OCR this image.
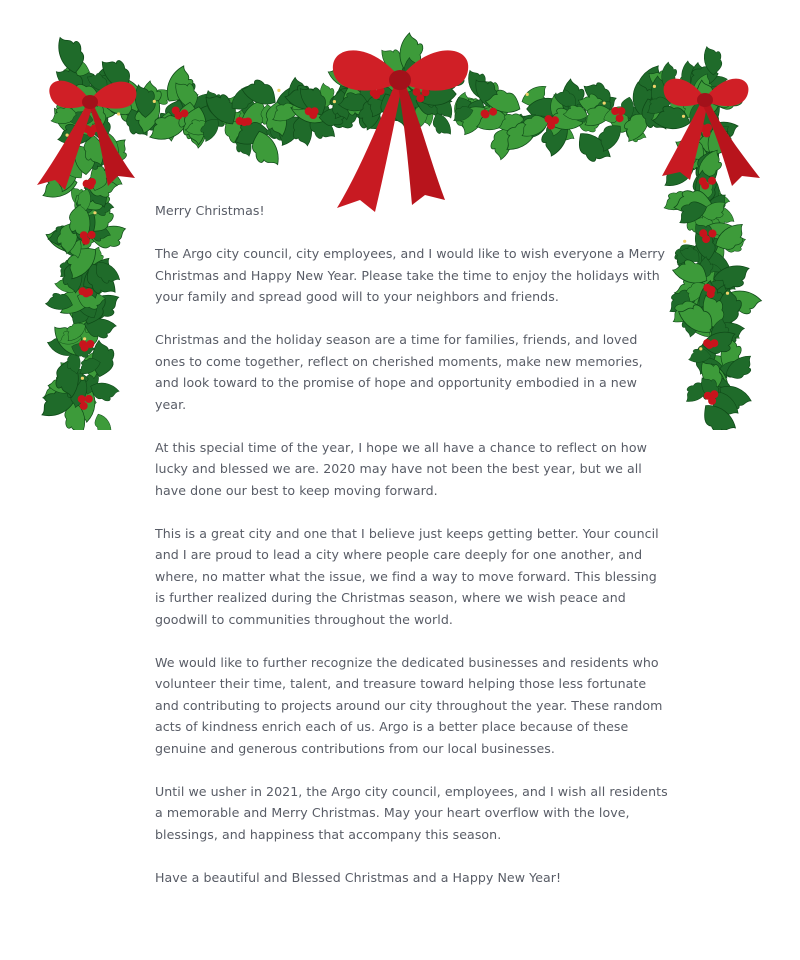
Merry Christmas!

The Argo city council, city employees, and I would like to wish everyone a Merry Christmas and Happy New Year. Please take the time to enjoy the holidays with your family and spread good will to your neighbors and friends.

Christmas and the holiday season are a time for families, friends, and loved ones to come together, reflect on cherished moments, make new memories, and look toward to the promise of hope and opportunity embodied in a new year.

At this special time of the year, I hope we all have a chance to reflect on how lucky and blessed we are. 2020 may have not been the best year, but we all have done our best to keep moving forward.

This is a great city and one that I believe just keeps getting better. Your council and I are proud to lead a city where people care deeply for one another, and where, no matter what the issue, we find a way to move forward. This blessing is further realized during the Christmas season, where we wish peace and goodwill to communities throughout the world.

We would like to further recognize the dedicated businesses and residents who volunteer their time, talent, and treasure toward helping those less fortunate and contributing to projects around our city throughout the year. These random acts of kindness enrich each of us. Argo is a better place because of these genuine and generous contributions from our local businesses.

Until we usher in 2021, the Argo city council, employees, and I wish all residents a memorable and Merry Christmas. May your heart overflow with the love, blessings, and happiness that accompany this season.

Have a beautiful and Blessed Christmas and a Happy New Year!
